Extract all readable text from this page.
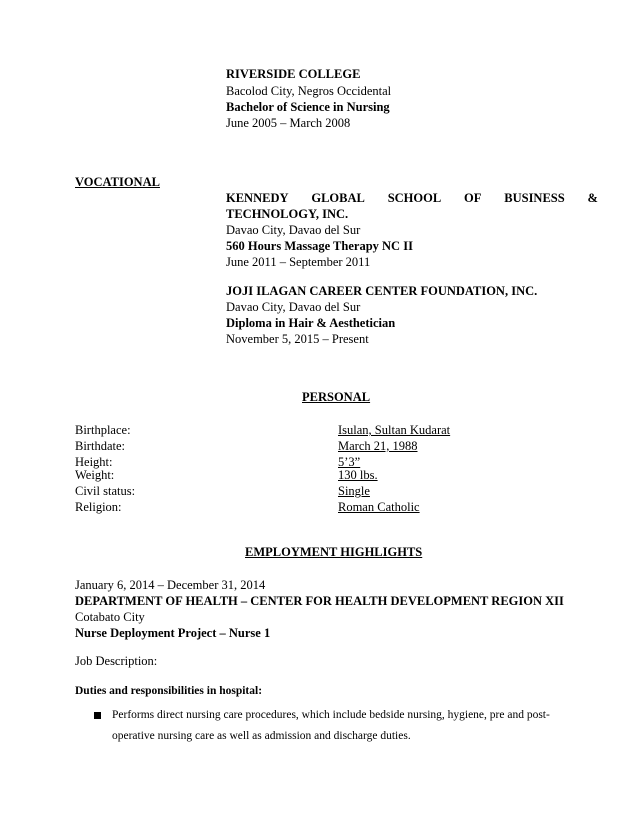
RIVERSIDE COLLEGE
Bacolod City, Negros Occidental
Bachelor of Science in Nursing
June 2005 – March 2008
VOCATIONAL
KENNEDY GLOBAL SCHOOL OF BUSINESS &
TECHNOLOGY, INC.
Davao City, Davao del Sur
560 Hours Massage Therapy NC II
June 2011 – September 2011
JOJI ILAGAN CAREER CENTER FOUNDATION, INC.
Davao City, Davao del Sur
Diploma in Hair & Aesthetician
November 5, 2015 – Present
PERSONAL
Birthplace:	Isulan, Sultan Kudarat
Birthdate:	March 21, 1988
Height:	5’3”
Weight:	130 lbs.
Civil status:	Single
Religion:	Roman Catholic
EMPLOYMENT HIGHLIGHTS
January 6, 2014 – December 31, 2014
DEPARTMENT OF HEALTH – CENTER FOR HEALTH DEVELOPMENT REGION XII
Cotabato City
Nurse Deployment Project – Nurse 1
Job Description:
Duties and responsibilities in hospital:
Performs direct nursing care procedures, which include bedside nursing, hygiene, pre and post-
operative nursing care as well as admission and discharge duties.
